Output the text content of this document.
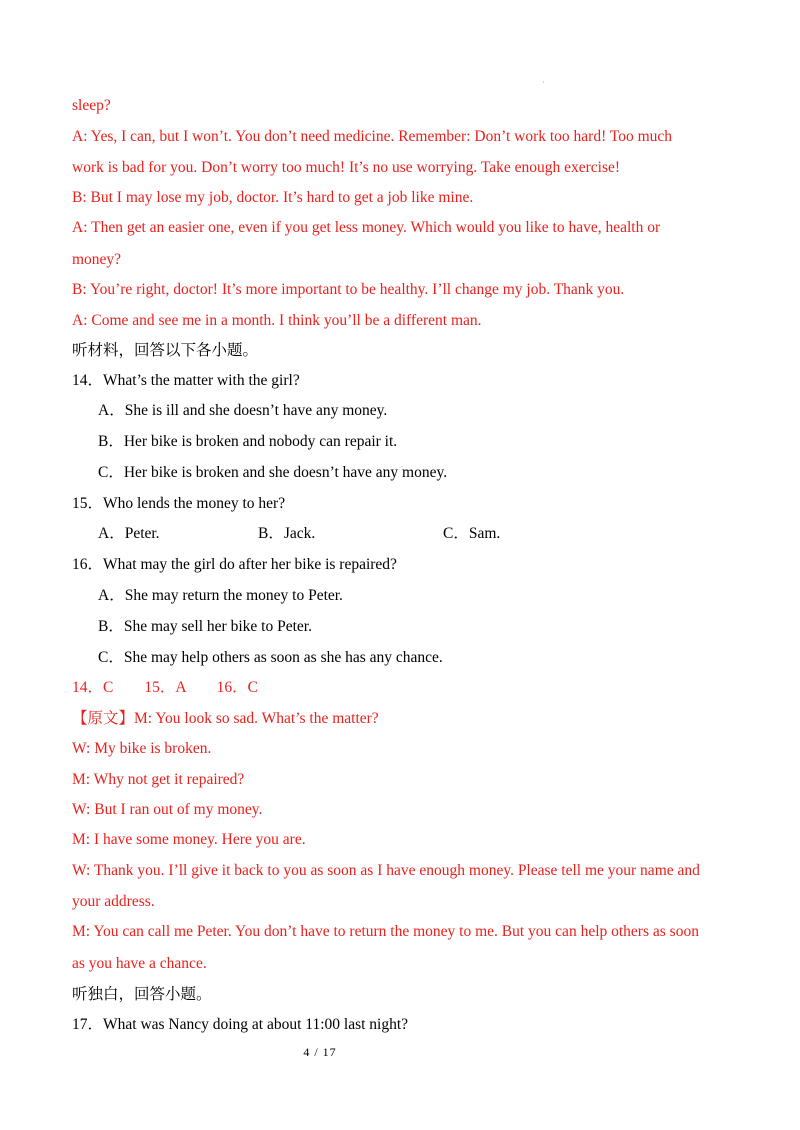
·
sleep?
A: Yes, I can, but I won’t. You don’t need medicine. Remember: Don’t work too hard! Too much
work is bad for you. Don’t worry too much! It’s no use worrying. Take enough exercise!
B: But I may lose my job, doctor. It’s hard to get a job like mine.
A: Then get an easier one, even if you get less money. Which would you like to have, health or
money?
B: You’re right, doctor! It’s more important to be healthy. I’ll change my job. Thank you.
A: Come and see me in a month. I think you’ll be a different man.
听材料，回答以下各小题。
14．What’s the matter with the girl?
A．She is ill and she doesn’t have any money.
B．Her bike is broken and nobody can repair it.
C．Her bike is broken and she doesn’t have any money.
15．Who lends the money to her?
A．Peter.	B．Jack.	C．Sam.
16．What may the girl do after her bike is repaired?
A．She may return the money to Peter.
B．She may sell her bike to Peter.
C．She may help others as soon as she has any chance.
14．C        15．A        16．C
【原文】M: You look so sad. What’s the matter?
W: My bike is broken.
M: Why not get it repaired?
W: But I ran out of my money.
M: I have some money. Here you are.
W: Thank you. I’ll give it back to you as soon as I have enough money. Please tell me your name and
your address.
M: You can call me Peter. You don’t have to return the money to me. But you can help others as soon
as you have a chance.
听独白，回答小题。
17．What was Nancy doing at about 11:00 last night?
4 / 17
